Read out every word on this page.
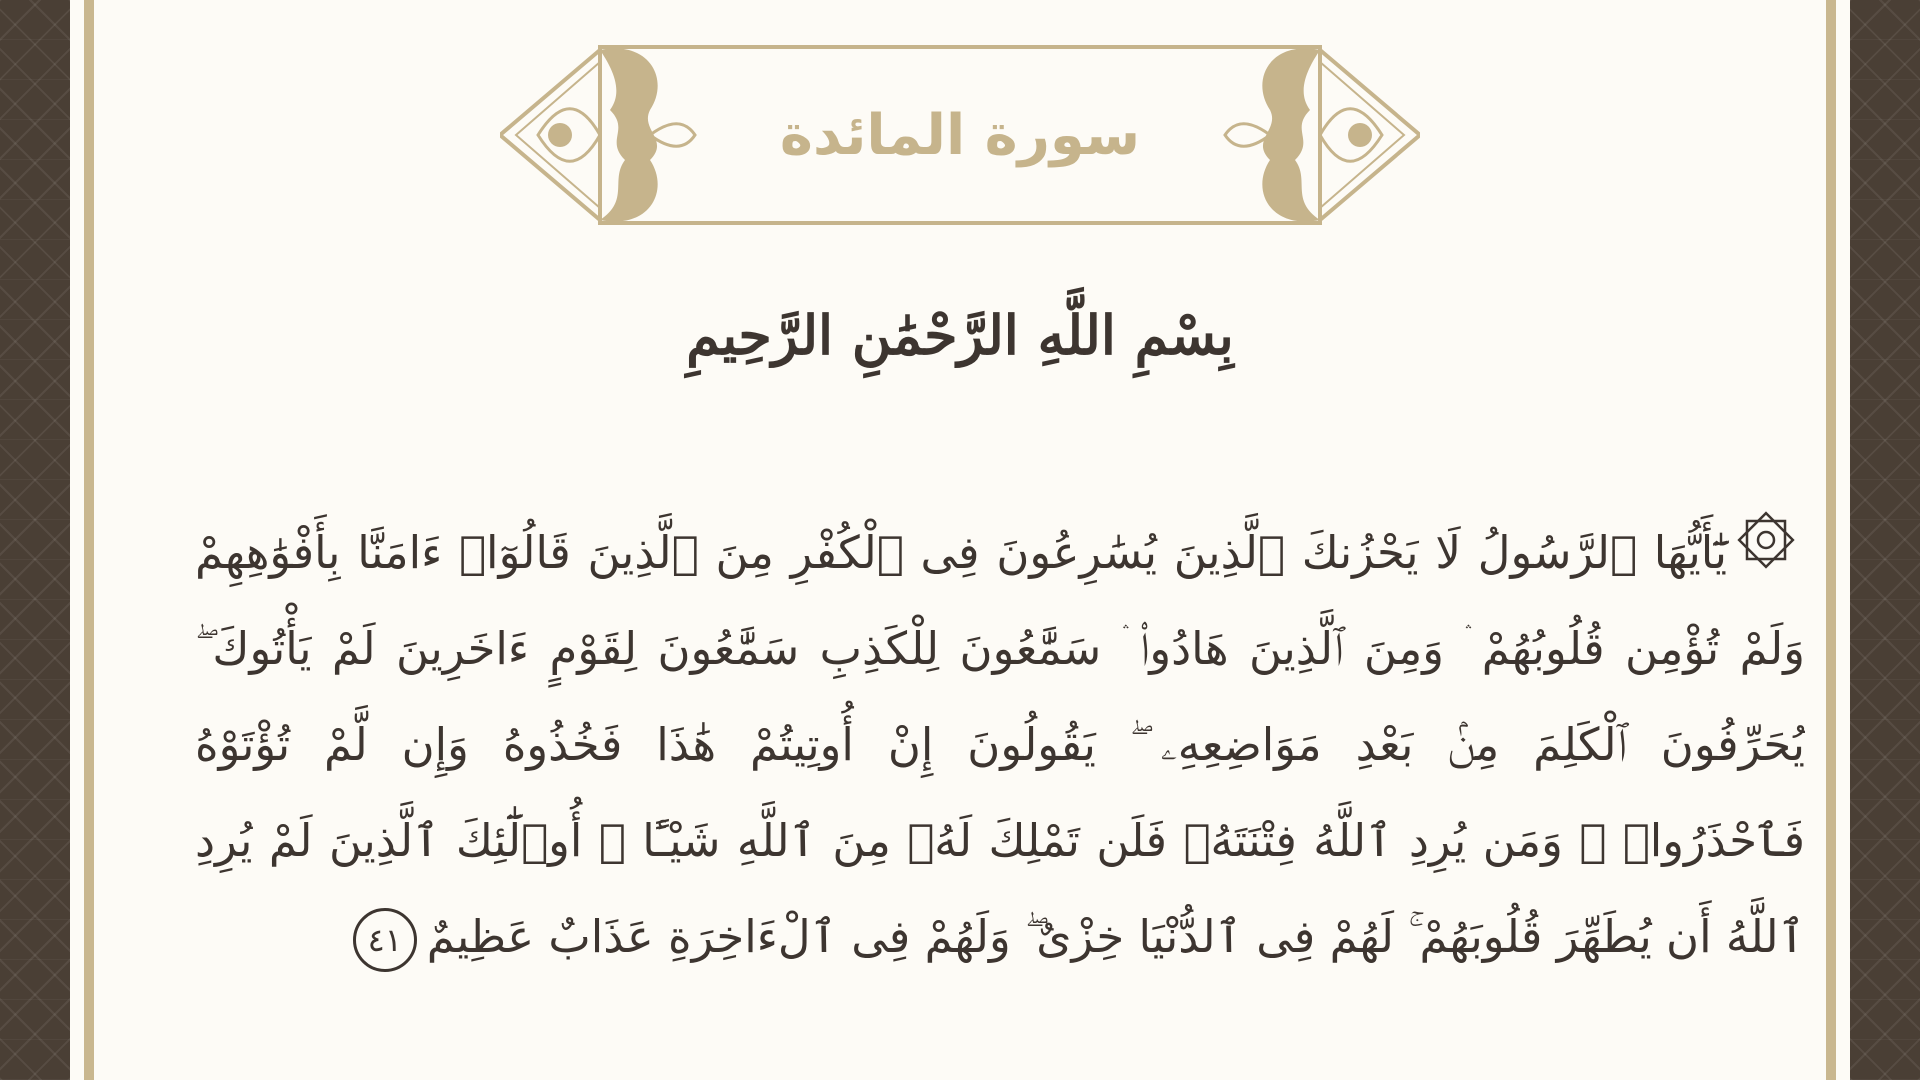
سورة المائدة
بِسْمِ اللَّهِ الرَّحْمَٰنِ الرَّحِيمِ
يَٰٓأَيُّهَا ٱلرَّسُولُ لَا يَحْزُنكَ ٱلَّذِينَ يُسَٰرِعُونَ فِى ٱلْكُفْرِ مِنَ ٱلَّذِينَ قَالُوٓا۟ ءَامَنَّا بِأَفْوَٰهِهِمْ
وَلَمْ تُؤْمِن قُلُوبُهُمْ ۛ وَمِنَ ٱلَّذِينَ هَادُوا۟ ۛ سَمَّٰعُونَ لِلْكَذِبِ سَمَّٰعُونَ لِقَوْمٍ ءَاخَرِينَ لَمْ يَأْتُوكَ ۖ
يُحَرِّفُونَ ٱلْكَلِمَ مِنۢ بَعْدِ مَوَاضِعِهِۦ ۖ يَقُولُونَ إِنْ أُوتِيتُمْ هَٰذَا فَخُذُوهُ وَإِن لَّمْ تُؤْتَوْهُ
فَٱحْذَرُوا۟ ۚ وَمَن يُرِدِ ٱللَّهُ فِتْنَتَهُۥ فَلَن تَمْلِكَ لَهُۥ مِنَ ٱللَّهِ شَيْـًٔا ۚ أُو۟لَٰٓئِكَ ٱلَّذِينَ لَمْ يُرِدِ
ٱللَّهُ أَن يُطَهِّرَ قُلُوبَهُمْ ۚ لَهُمْ فِى ٱلدُّنْيَا خِزْىٌ ۖ وَلَهُمْ فِى ٱلْءَاخِرَةِ عَذَابٌ عَظِيمٌ٤١
